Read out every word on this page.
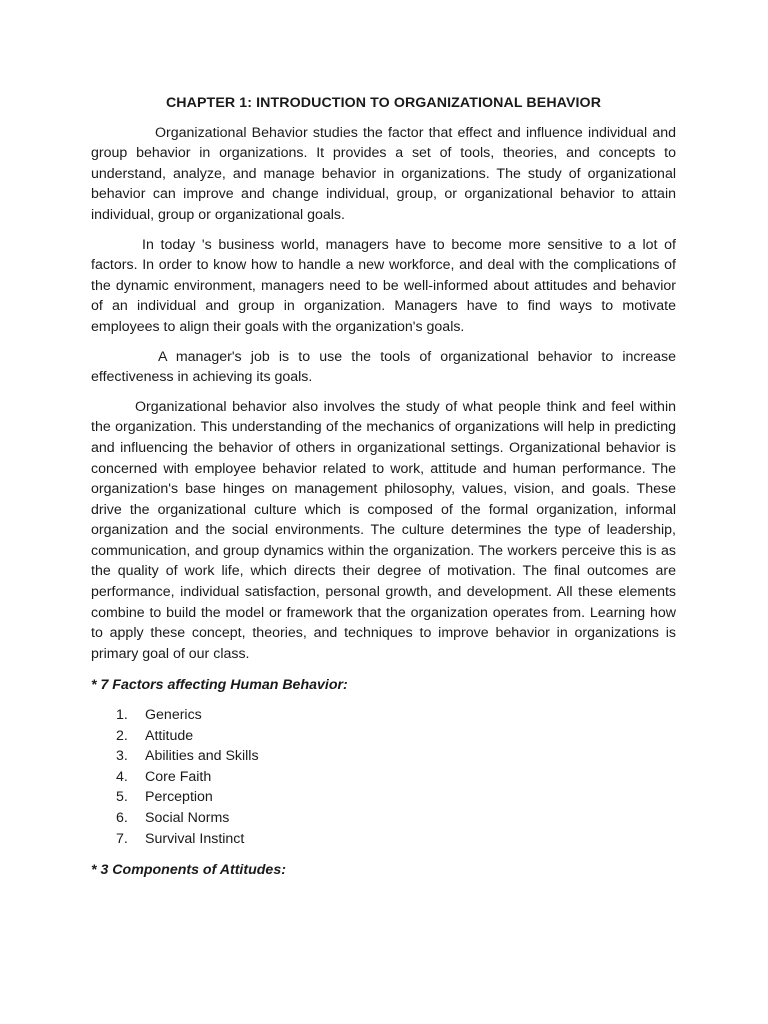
CHAPTER 1: INTRODUCTION TO ORGANIZATIONAL BEHAVIOR

Organizational Behavior studies the factor that effect and influence individual and group behavior in organizations. It provides a set of tools, theories, and concepts to understand, analyze, and manage behavior in organizations. The study of organizational behavior can improve and change individual, group, or organizational behavior to attain individual, group or organizational goals.

In today 's business world, managers have to become more sensitive to a lot of factors. In order to know how to handle a new workforce, and deal with the complications of the dynamic environment, managers need to be well-informed about attitudes and behavior of an individual and group in organization. Managers have to find ways to motivate employees to align their goals with the organization's goals.

A manager's job is to use the tools of organizational behavior to increase effectiveness in achieving its goals.

Organizational behavior also involves the study of what people think and feel within the organization. This understanding of the mechanics of organizations will help in predicting and influencing the behavior of others in organizational settings. Organizational behavior is concerned with employee behavior related to work, attitude and human performance. The organization's base hinges on management philosophy, values, vision, and goals. These drive the organizational culture which is composed of the formal organization, informal organization and the social environments. The culture determines the type of leadership, communication, and group dynamics within the organization. The workers perceive this is as the quality of work life, which directs their degree of motivation. The final outcomes are performance, individual satisfaction, personal growth, and development. All these elements combine to build the model or framework that the organization operates from. Learning how to apply these concept, theories, and techniques to improve behavior in organizations is primary goal of our class.

* 7 Factors affecting Human Behavior:
1.	Generics
2.	Attitude
3.	Abilities and Skills
4.	Core Faith
5.	Perception
6.	Social Norms
7.	Survival Instinct
* 3 Components of Attitudes:
